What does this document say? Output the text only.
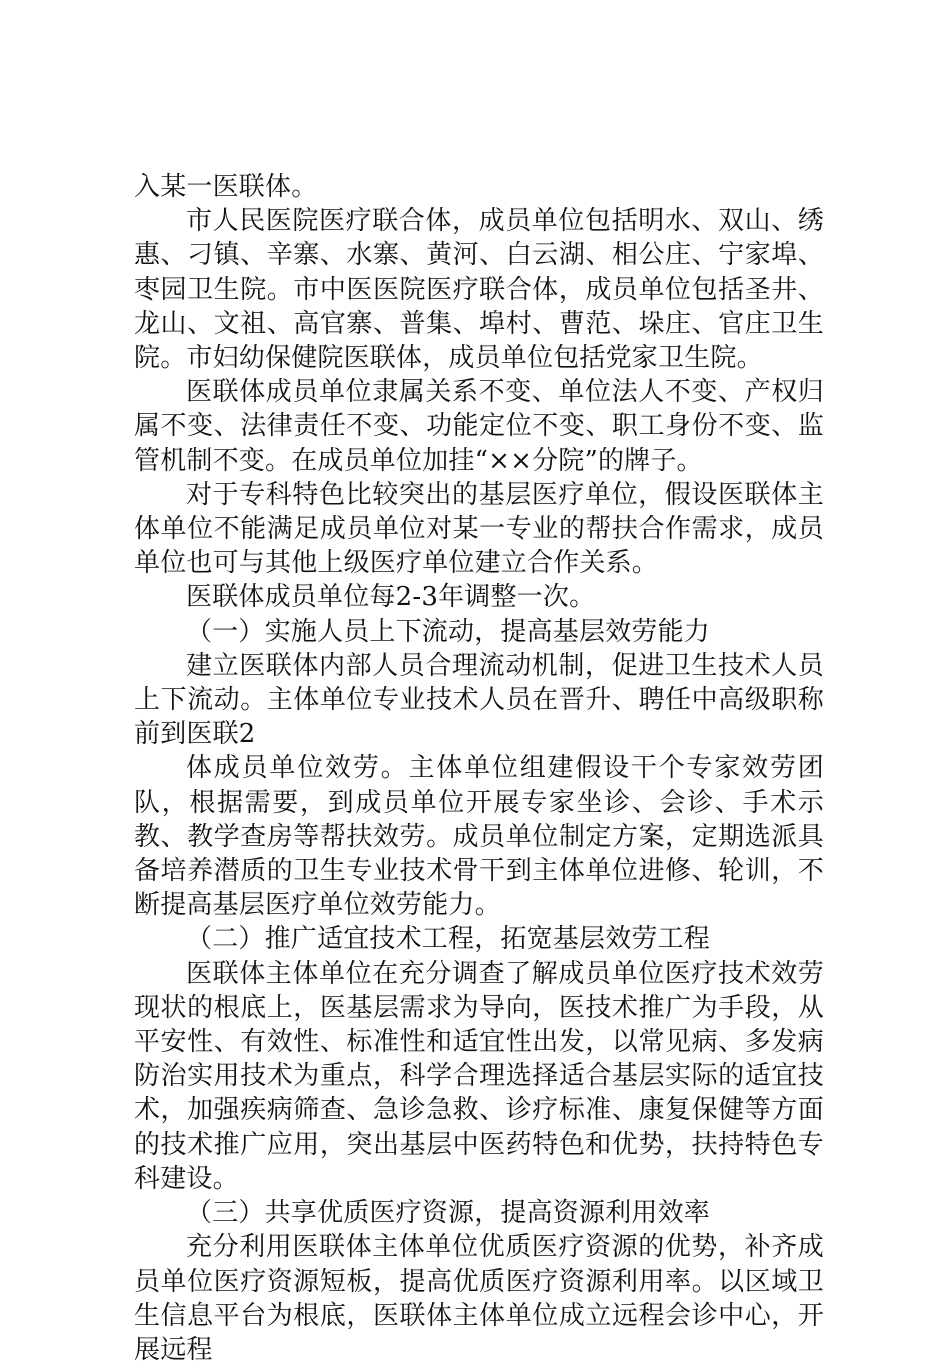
入某一医联体。

市人民医院医疗联合体，成员单位包括明水、双山、绣惠、刁镇、辛寨、水寨、黄河、白云湖、相公庄、宁家埠、枣园卫生院。市中医医院医疗联合体，成员单位包括圣井、龙山、文祖、高官寨、普集、埠村、曹范、垛庄、官庄卫生院。市妇幼保健院医联体，成员单位包括党家卫生院。

医联体成员单位隶属关系不变、单位法人不变、产权归属不变、法律责任不变、功能定位不变、职工身份不变、监管机制不变。在成员单位加挂“××分院”的牌子。

对于专科特色比较突出的基层医疗单位，假设医联体主体单位不能满足成员单位对某一专业的帮扶合作需求，成员单位也可与其他上级医疗单位建立合作关系。

医联体成员单位每2-3年调整一次。

（一）实施人员上下流动，提高基层效劳能力

建立医联体内部人员合理流动机制，促进卫生技术人员上下流动。主体单位专业技术人员在晋升、聘任中高级职称前到医联2

体成员单位效劳。主体单位组建假设干个专家效劳团队，根据需要，到成员单位开展专家坐诊、会诊、手术示教、教学查房等帮扶效劳。成员单位制定方案，定期选派具备培养潜质的卫生专业技术骨干到主体单位进修、轮训，不断提高基层医疗单位效劳能力。

（二）推广适宜技术工程，拓宽基层效劳工程

医联体主体单位在充分调查了解成员单位医疗技术效劳现状的根底上，医基层需求为导向，医技术推广为手段，从平安性、有效性、标准性和适宜性出发，以常见病、多发病防治实用技术为重点，科学合理选择适合基层实际的适宜技术，加强疾病筛查、急诊急救、诊疗标准、康复保健等方面的技术推广应用，突出基层中医药特色和优势，扶持特色专科建设。

（三）共享优质医疗资源，提高资源利用效率

充分利用医联体主体单位优质医疗资源的优势，补齐成员单位医疗资源短板，提高优质医疗资源利用率。以区域卫生信息平台为根底，医联体主体单位成立远程会诊中心，开展远程
